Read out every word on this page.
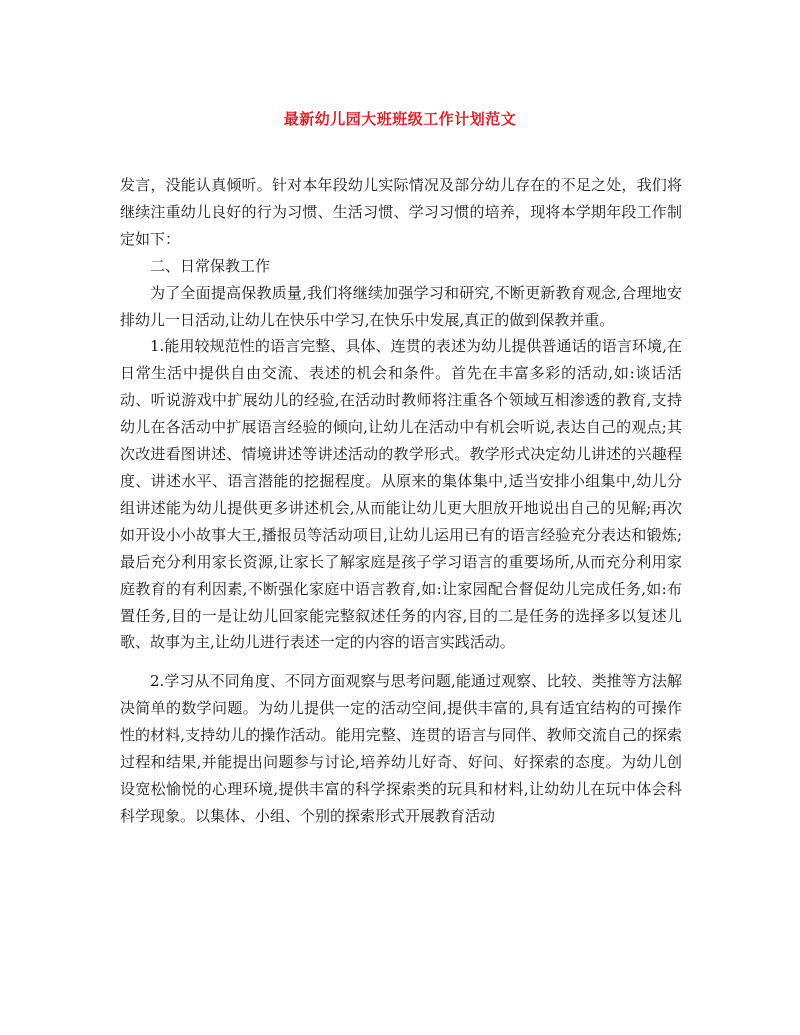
最新幼儿园大班班级工作计划范文

发言，没能认真倾听。针对本年段幼儿实际情况及部分幼儿存在的不足之处，我们将继续注重幼儿良好的行为习惯、生活习惯、学习习惯的培养，现将本学期年段工作制定如下：

二、日常保教工作

为了全面提高保教质量,我们将继续加强学习和研究,不断更新教育观念,合理地安排幼儿一日活动,让幼儿在快乐中学习,在快乐中发展,真正的做到保教并重。

1.能用较规范性的语言完整、具体、连贯的表述为幼儿提供普通话的语言环境,在日常生活中提供自由交流、表述的机会和条件。首先在丰富多彩的活动,如:谈话活动、听说游戏中扩展幼儿的经验,在活动时教师将注重各个领域互相渗透的教育,支持幼儿在各活动中扩展语言经验的倾向,让幼儿在活动中有机会听说,表达自己的观点;其次改进看图讲述、情境讲述等讲述活动的教学形式。教学形式决定幼儿讲述的兴趣程度、讲述水平、语言潜能的挖掘程度。从原来的集体集中,适当安排小组集中,幼儿分组讲述能为幼儿提供更多讲述机会,从而能让幼儿更大胆放开地说出自己的见解;再次如开设小小故事大王,播报员等活动项目,让幼儿运用已有的语言经验充分表达和锻炼;最后充分利用家长资源,让家长了解家庭是孩子学习语言的重要场所,从而充分利用家庭教育的有利因素,不断强化家庭中语言教育,如:让家园配合督促幼儿完成任务,如:布置任务,目的一是让幼儿回家能完整叙述任务的内容,目的二是任务的选择多以复述儿歌、故事为主,让幼儿进行表述一定的内容的语言实践活动。

2.学习从不同角度、不同方面观察与思考问题,能通过观察、比较、类推等方法解决简单的数学问题。为幼儿提供一定的活动空间,提供丰富的,具有适宜结构的可操作性的材料,支持幼儿的操作活动。能用完整、连贯的语言与同伴、教师交流自己的探索过程和结果,并能提出问题参与讨论,培养幼儿好奇、好问、好探索的态度。为幼儿创设宽松愉悦的心理环境,提供丰富的科学探索类的玩具和材料,让幼幼儿在玩中体会科科学现象。以集体、小组、个别的探索形式开展教育活动
